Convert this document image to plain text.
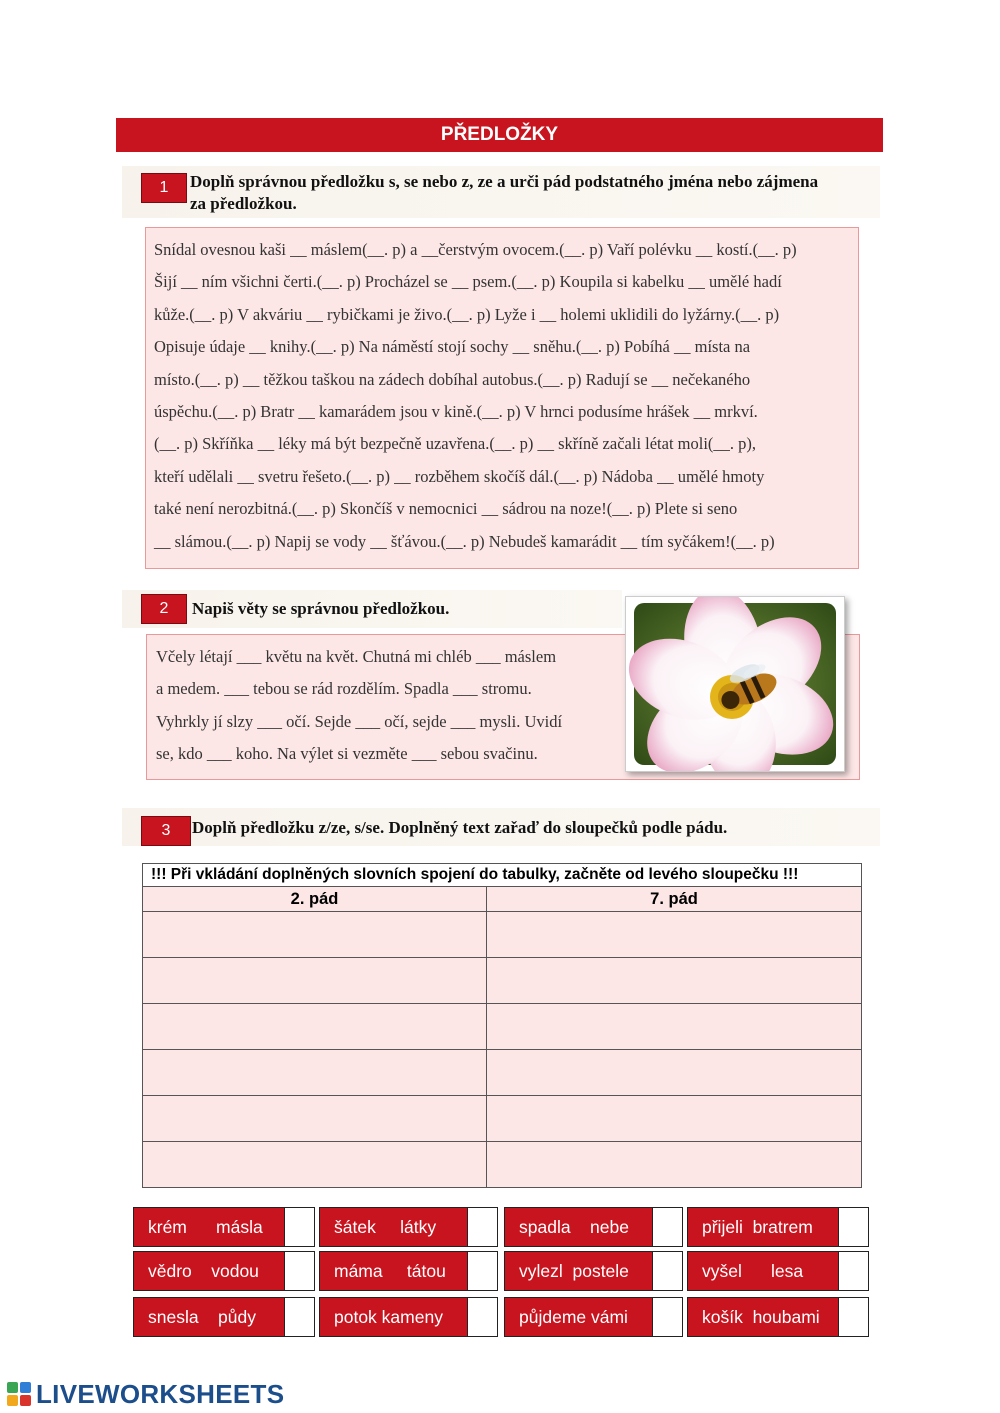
PŘEDLOŽKY
1	Doplň správnou předložku s, se nebo z, ze a urči pád podstatného jména nebo zájmena
za předložkou.

Snídal ovesnou kaši __ máslem(__. p) a __čerstvým ovocem.(__. p) Vaří polévku __ kostí.(__. p)

Šijí __ ním všichni čerti.(__. p) Procházel se __ psem.(__. p) Koupila si kabelku __ umělé hadí

kůže.(__. p) V akváriu __ rybičkami je živo.(__. p) Lyže i __ holemi uklidili do lyžárny.(__. p)

Opisuje údaje __ knihy.(__. p) Na náměstí stojí sochy __ sněhu.(__. p) Pobíhá __ místa na

místo.(__. p) __ těžkou taškou na zádech dobíhal autobus.(__. p) Radují se __ nečekaného

úspěchu.(__. p) Bratr __ kamarádem jsou v kině.(__. p) V hrnci podusíme hrášek __ mrkví.

(__. p) Skříňka __ léky má být bezpečně uzavřena.(__. p) __ skříně začali létat moli(__. p),

kteří udělali __ svetru řešeto.(__. p) __ rozběhem skočíš dál.(__. p) Nádoba __ umělé hmoty

také není nerozbitná.(__. p) Skončíš v nemocnici __ sádrou na noze!(__. p) Plete si seno

__ slámou.(__. p) Napij se vody __ šťávou.(__. p) Nebudeš kamarádit __ tím syčákem!(__. p)

2	Napiš věty se správnou předložkou.

Včely létají ___ květu na květ. Chutná mi chléb ___ máslem

a medem. ___ tebou se rád rozdělím. Spadla ___ stromu.

Vyhrkly jí slzy ___ očí. Sejde ___ očí, sejde ___ mysli. Uvidí

se, kdo ___ koho. Na výlet si vezměte ___ sebou svačinu.

3	Doplň předložku z/ze, s/se. Doplněný text zařaď do sloupečků podle pádu.
!!! Při vkládání doplněných slovních spojení do tabulky, začněte od levého sloupečku !!!	
2. pád	7. pád

krém      másla	šátek     látky	spadla    nebe	přijeli  bratrem
vědro    vodou	máma     tátou	vylezl  postele	vyšel      lesa
snesla    půdy	potok kameny	půjdeme vámi	košík  houbami
LIVEWORKSHEETS
